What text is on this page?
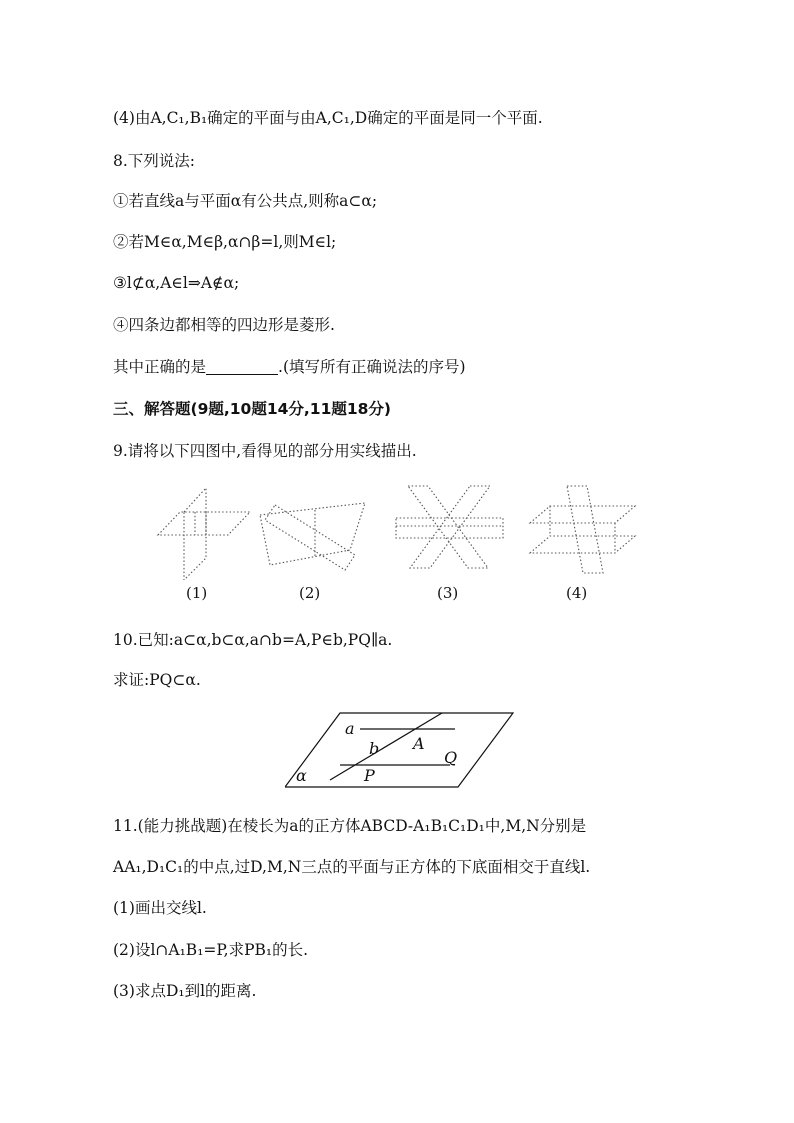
(4)由A,C₁,B₁确定的平面与由A,C₁,D确定的平面是同一个平面.
8.下列说法:
①若直线a与平面α有公共点,则称a⊂α;
②若M∈α,M∈β,α∩β=l,则M∈l;
③l⊄α,A∈l⇒A∉α;
④四条边都相等的四边形是菱形.
其中正确的是	.(填写所有正确说法的序号)
三、解答题(9题,10题14分,11题18分)
9.请将以下四图中,看得见的部分用实线描出.
(1)	(2)	(3)	(4)
10.已知:a⊂α,b⊂α,a∩b=A,P∈b,PQ∥a.
求证:PQ⊂α.
a
b A
Q
P
α
11.(能力挑战题)在棱长为a的正方体ABCD-A₁B₁C₁D₁中,M,N分别是
AA₁,D₁C₁的中点,过D,M,N三点的平面与正方体的下底面相交于直线l.
(1)画出交线l.
(2)设l∩A₁B₁=P,求PB₁的长.
(3)求点D₁到l的距离.
